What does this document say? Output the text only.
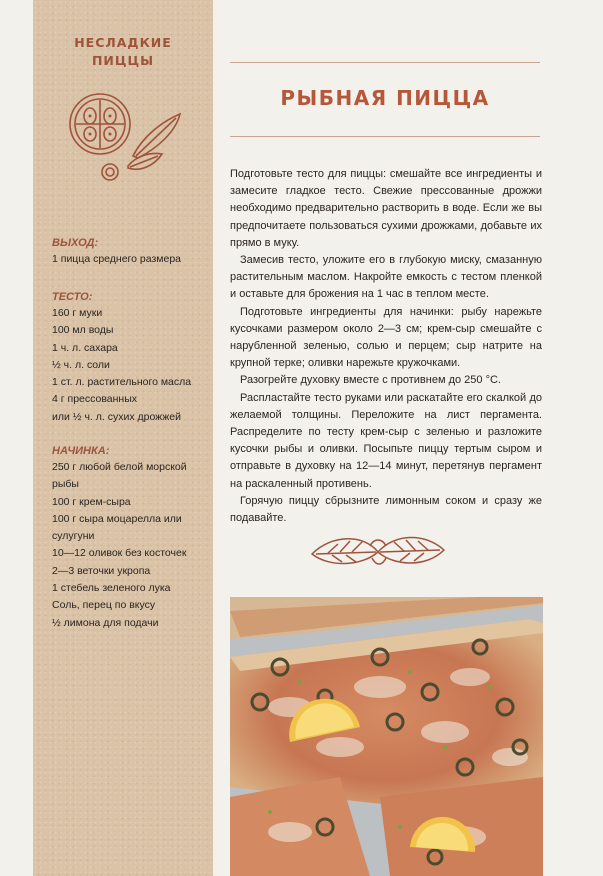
НЕСЛАДКИЕ
ПИЦЦЫ
ВЫХОД:
1 пицца среднего размера
ТЕСТО:
160 г муки
100 мл воды
1 ч. л. сахара
½ ч. л. соли
1 ст. л. растительного масла
4 г прессованных
или ½ ч. л. сухих дрожжей
НАЧИНКА:
250 г любой белой морской
рыбы
100 г крем-сыра
100 г сыра моцарелла или
сулугуни
10—12 оливок без косточек
2—3 веточки укропа
1 стебель зеленого лука
Соль, перец по вкусу
½ лимона для подачи
РЫБНАЯ ПИЦЦА

Подготовьте тесто для пиццы: смешайте все ингредиенты и замесите гладкое тесто. Свежие прессованные дрожжи необходимо предварительно растворить в воде. Если же вы предпочитаете пользоваться сухими дрожжами, добавьте их прямо в муку.

Замесив тесто, уложите его в глубокую миску, смазанную растительным маслом. Накройте емкость с тестом пленкой и оставьте для брожения на 1 час в теплом месте.

Подготовьте ингредиенты для начинки: рыбу нарежьте кусочками размером около 2—3 см; крем-сыр смешайте с нарубленной зеленью, солью и перцем; сыр натрите на крупной терке; оливки нарежьте кружочками.

Разогрейте духовку вместе с противнем до 250 °С.

Распластайте тесто руками или раскатайте его скалкой до желаемой толщины. Переложите на лист пергамента. Распределите по тесту крем-сыр с зеленью и разложите кусочки рыбы и оливки. Посыпьте пиццу тертым сыром и отправьте в духовку на 12—14 минут, перетянув пергамент на раскаленный противень.

Горячую пиццу сбрызните лимонным соком и сразу же подавайте.
